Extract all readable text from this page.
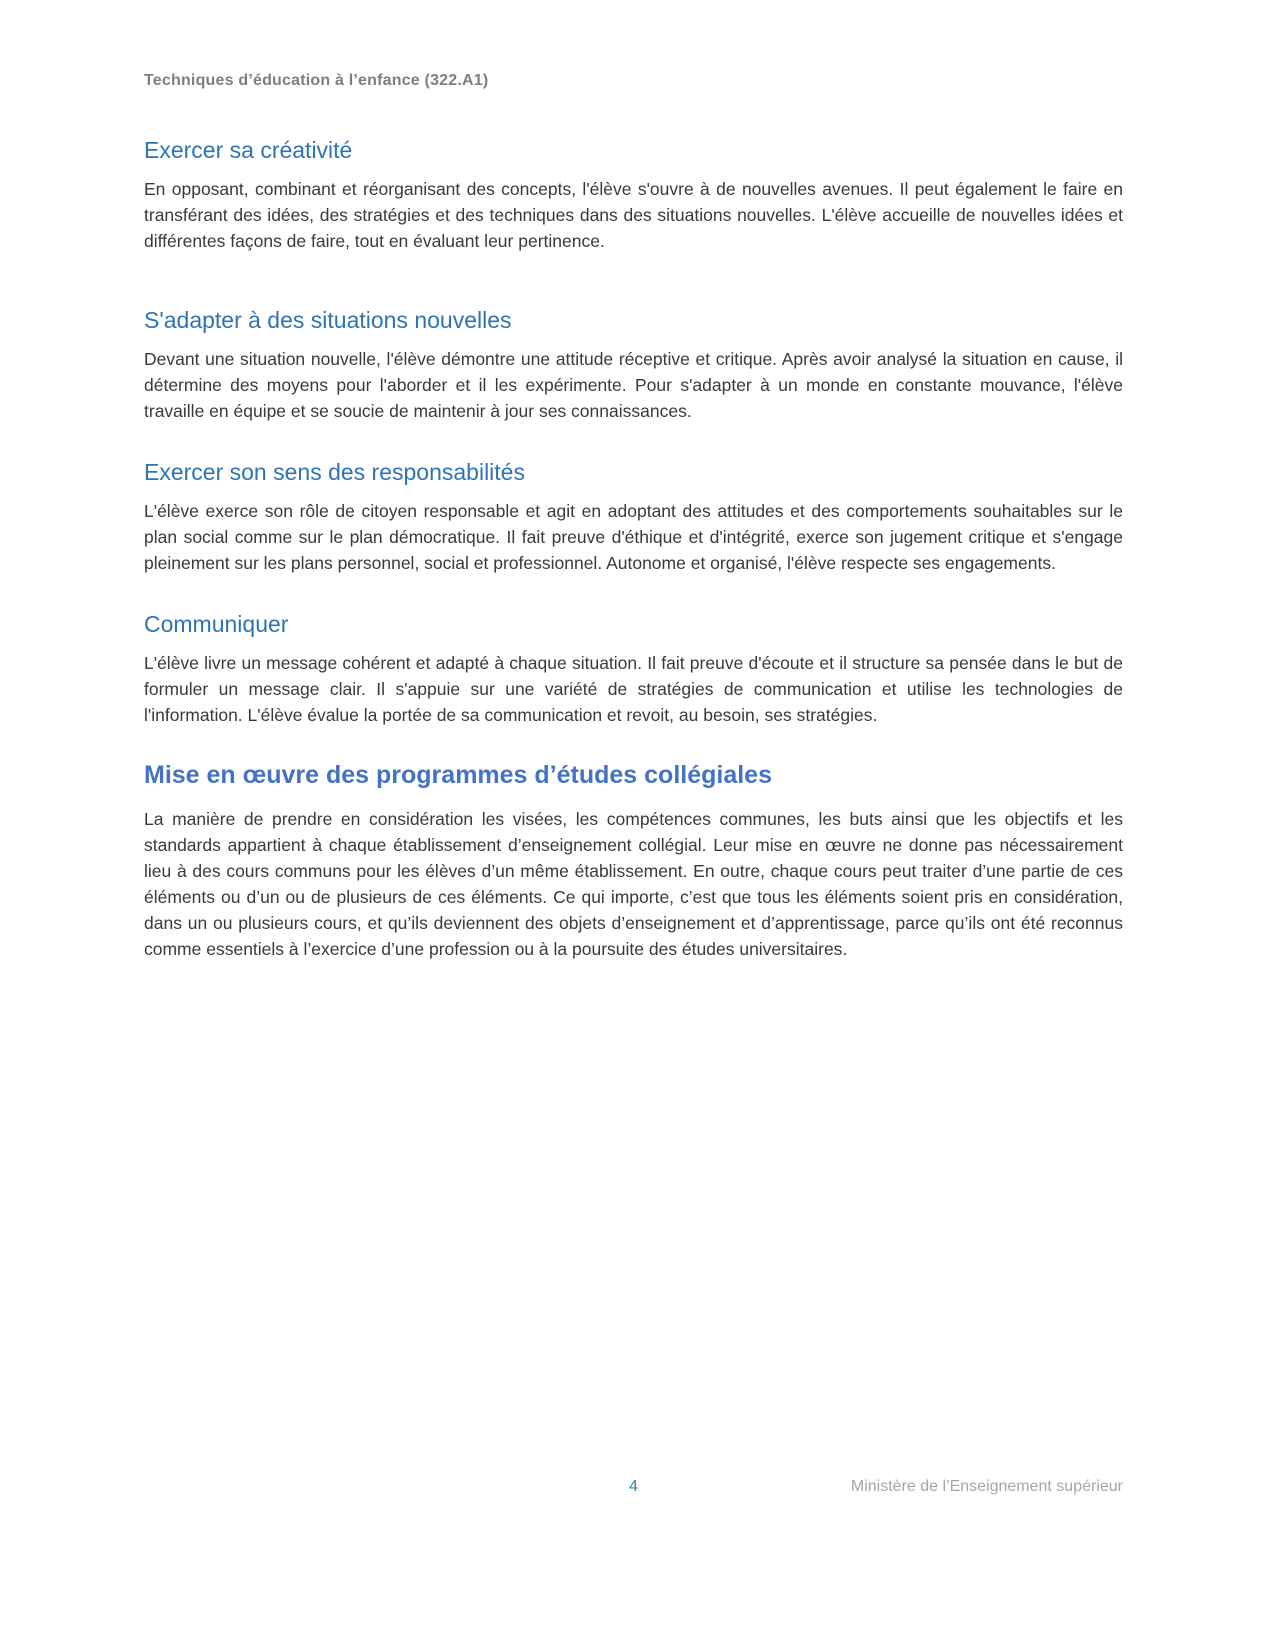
Techniques d’éducation à l’enfance (322.A1)
Exercer sa créativité

En opposant, combinant et réorganisant des concepts, l'élève s'ouvre à de nouvelles avenues. Il peut également le faire en transférant des idées, des stratégies et des techniques dans des situations nouvelles. L'élève accueille de nouvelles idées et différentes façons de faire, tout en évaluant leur pertinence.

S'adapter à des situations nouvelles

Devant une situation nouvelle, l'élève démontre une attitude réceptive et critique. Après avoir analysé la situation en cause, il détermine des moyens pour l'aborder et il les expérimente. Pour s'adapter à un monde en constante mouvance, l'élève travaille en équipe et se soucie de maintenir à jour ses connaissances.

Exercer son sens des responsabilités

L'élève exerce son rôle de citoyen responsable et agit en adoptant des attitudes et des comportements souhaitables sur le plan social comme sur le plan démocratique. Il fait preuve d'éthique et d'intégrité, exerce son jugement critique et s'engage pleinement sur les plans personnel, social et professionnel. Autonome et organisé, l'élève respecte ses engagements.

Communiquer

L'élève livre un message cohérent et adapté à chaque situation. Il fait preuve d'écoute et il structure sa pensée dans le but de formuler un message clair. Il s'appuie sur une variété de stratégies de communication et utilise les technologies de l'information. L'élève évalue la portée de sa communication et revoit, au besoin, ses stratégies.

Mise en œuvre des programmes d’études collégiales

La manière de prendre en considération les visées, les compétences communes, les buts ainsi que les objectifs et les standards appartient à chaque établissement d’enseignement collégial. Leur mise en œuvre ne donne pas nécessairement lieu à des cours communs pour les élèves d’un même établissement. En outre, chaque cours peut traiter d’une partie de ces éléments ou d’un ou de plusieurs de ces éléments. Ce qui importe, c’est que tous les éléments soient pris en considération, dans un ou plusieurs cours, et qu’ils deviennent des objets d’enseignement et d’apprentissage, parce qu’ils ont été reconnus comme essentiels à l’exercice d’une profession ou à la poursuite des études universitaires.

4	Ministère de l’Enseignement supérieur
